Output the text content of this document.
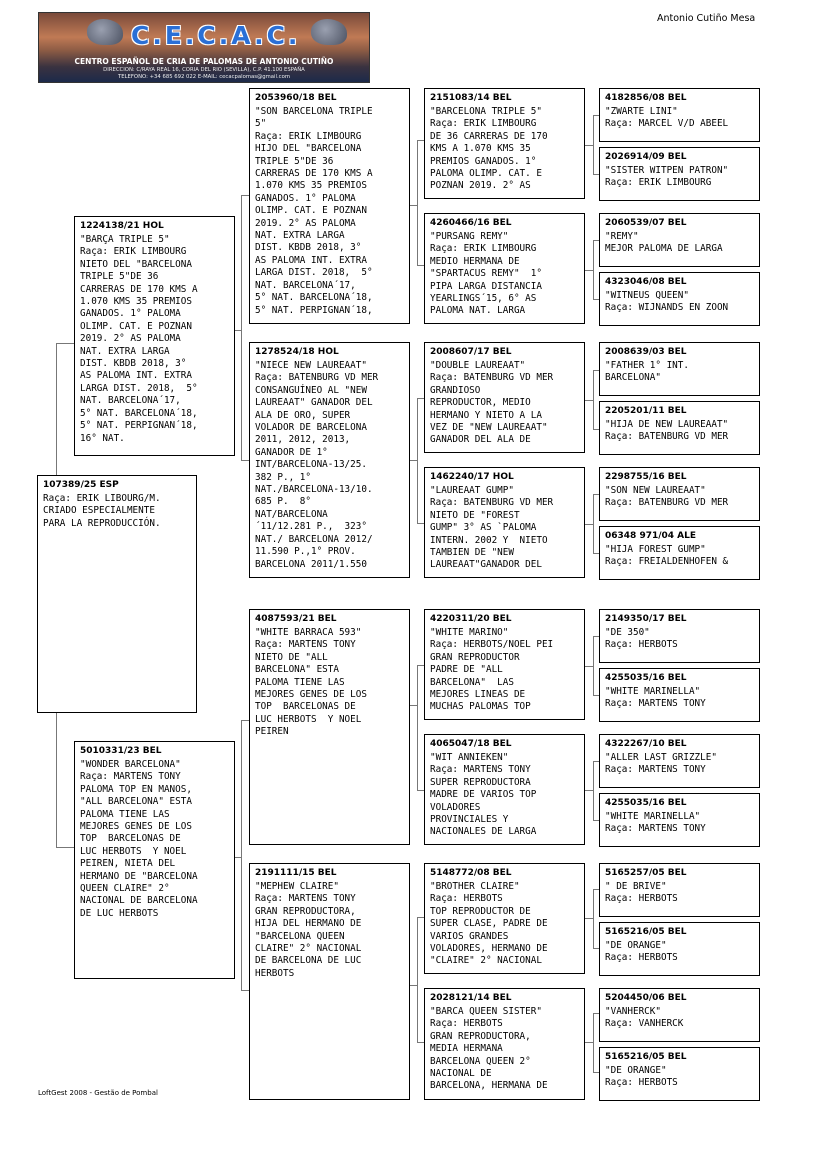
C.E.C.A.C.
CENTRO ESPAÑOL DE CRIA DE PALOMAS DE ANTONIO CUTIÑO
DIRECCION: C/RAYA REAL 16, CORIA DEL RIO (SEVILLA), C.P. 41.100 ESPAÑA
TELEFONO: +34 685 692 022 E-MAIL: cecacpalomas@gmail.com
Antonio Cutiño Mesa
107389/25 ESP
Raça: ERIK LIBOURG/M.
CRIADO ESPECIALMENTE
PARA LA REPRODUCCIÓN.
1224138/21 HOL
"BARÇA TRIPLE 5"
Raça: ERIK LIMBOURG
NIETO DEL "BARCELONA
TRIPLE 5"DE 36
CARRERAS DE 170 KMS A
1.070 KMS 35 PREMIOS
GANADOS. 1° PALOMA
OLIMP. CAT. E POZNAN
2019. 2° AS PALOMA
NAT. EXTRA LARGA
DIST. KBDB 2018, 3°
AS PALOMA INT. EXTRA
LARGA DIST. 2018,  5°
NAT. BARCELONA´17,
5° NAT. BARCELONA´18,
5° NAT. PERPIGNAN´18,
16° NAT.
5010331/23 BEL
"WONDER BARCELONA"
Raça: MARTENS TONY
PALOMA TOP EN MANOS,
"ALL BARCELONA" ESTA
PALOMA TIENE LAS
MEJORES GENES DE LOS
TOP  BARCELONAS DE
LUC HERBOTS  Y NOEL
PEIREN, NIETA DEL
HERMANO DE "BARCELONA
QUEEN CLAIRE" 2°
NACIONAL DE BARCELONA
DE LUC HERBOTS
2053960/18 BEL
"SON BARCELONA TRIPLE
5"
Raça: ERIK LIMBOURG
HIJO DEL "BARCELONA
TRIPLE 5"DE 36
CARRERAS DE 170 KMS A
1.070 KMS 35 PREMIOS
GANADOS. 1° PALOMA
OLIMP. CAT. E POZNAN
2019. 2° AS PALOMA
NAT. EXTRA LARGA
DIST. KBDB 2018, 3°
AS PALOMA INT. EXTRA
LARGA DIST. 2018,  5°
NAT. BARCELONA´17,
5° NAT. BARCELONA´18,
5° NAT. PERPIGNAN´18,
1278524/18 HOL
"NIECE NEW LAUREAAT"
Raça: BATENBURG VD MER
CONSANGUÍNEO AL "NEW
LAUREAAT" GANADOR DEL
ALA DE ORO, SUPER
VOLADOR DE BARCELONA
2011, 2012, 2013,
GANADOR DE 1°
INT/BARCELONA-13/25.
382 P., 1°
NAT./BARCELONA-13/10.
685 P.  8°
NAT/BARCELONA
´11/12.281 P.,  323°
NAT./ BARCELONA 2012/
11.590 P.,1° PROV.
BARCELONA 2011/1.550
4087593/21 BEL
"WHITE BARRACA 593"
Raça: MARTENS TONY
NIETO DE "ALL
BARCELONA" ESTA
PALOMA TIENE LAS
MEJORES GENES DE LOS
TOP  BARCELONAS DE
LUC HERBOTS  Y NOEL
PEIREN
2191111/15 BEL
"MEPHEW CLAIRE"
Raça: MARTENS TONY
GRAN REPRODUCTORA,
HIJA DEL HERMANO DE
"BARCELONA QUEEN
CLAIRE" 2° NACIONAL
DE BARCELONA DE LUC
HERBOTS
2151083/14 BEL
"BARCELONA TRIPLE 5"
Raça: ERIK LIMBOURG
DE 36 CARRERAS DE 170
KMS A 1.070 KMS 35
PREMIOS GANADOS. 1°
PALOMA OLIMP. CAT. E
POZNAN 2019. 2° AS
4260466/16 BEL
"PURSANG REMY"
Raça: ERIK LIMBOURG
MEDIO HERMANA DE
"SPARTACUS REMY"  1°
PIPA LARGA DISTANCIA
YEARLINGS´15, 6° AS
PALOMA NAT. LARGA
2008607/17 BEL
"DOUBLE LAUREAAT"
Raça: BATENBURG VD MER
GRANDIOSO
REPRODUCTOR, MEDIO
HERMANO Y NIETO A LA
VEZ DE "NEW LAUREAAT"
GANADOR DEL ALA DE
1462240/17 HOL
"LAUREAAT GUMP"
Raça: BATENBURG VD MER
NIETO DE "FOREST
GUMP" 3° AS `PALOMA
INTERN. 2002 Y  NIETO
TAMBIEN DE "NEW
LAUREAAT"GANADOR DEL
4220311/20 BEL
"WHITE MARINO"
Raça: HERBOTS/NOEL PEI
GRAN REPRODUCTOR
PADRE DE "ALL
BARCELONA"  LAS
MEJORES LINEAS DE
MUCHAS PALOMAS TOP
4065047/18 BEL
"WIT ANNIEKEN"
Raça: MARTENS TONY
SUPER REPRODUCTORA
MADRE DE VARIOS TOP
VOLADORES
PROVINCIALES Y
NACIONALES DE LARGA
5148772/08 BEL
"BROTHER CLAIRE"
Raça: HERBOTS
TOP REPRODUCTOR DE
SUPER CLASE, PADRE DE
VARIOS GRANDES
VOLADORES, HERMANO DE
"CLAIRE" 2° NACIONAL
2028121/14 BEL
"BARCA QUEEN SISTER"
Raça: HERBOTS
GRAN REPRODUCTORA,
MEDIA HERMANA
BARCELONA QUEEN 2°
NACIONAL DE
BARCELONA, HERMANA DE
4182856/08 BEL
"ZWARTE LINI"
Raça: MARCEL V/D ABEEL
2026914/09 BEL
"SISTER WITPEN PATRON"
Raça: ERIK LIMBOURG
2060539/07 BEL
"REMY"
MEJOR PALOMA DE LARGA
4323046/08 BEL
"WITNEUS QUEEN"
Raça: WIJNANDS EN ZOON
2008639/03 BEL
"FATHER 1° INT.
BARCELONA"
2205201/11 BEL
"HIJA DE NEW LAUREAAT"
Raça: BATENBURG VD MER
2298755/16 BEL
"SON NEW LAUREAAT"
Raça: BATENBURG VD MER
06348 971/04 ALE
"HIJA FOREST GUMP"
Raça: FREIALDENHOFEN &
2149350/17 BEL
"DE 350"
Raça: HERBOTS
4255035/16 BEL
"WHITE MARINELLA"
Raça: MARTENS TONY
4322267/10 BEL
"ALLER LAST GRIZZLE"
Raça: MARTENS TONY
4255035/16 BEL
"WHITE MARINELLA"
Raça: MARTENS TONY
5165257/05 BEL
" DE BRIVE"
Raça: HERBOTS
5165216/05 BEL
"DE ORANGE"
Raça: HERBOTS
5204450/06 BEL
"VANHERCK"
Raça: VANHERCK
5165216/05 BEL
"DE ORANGE"
Raça: HERBOTS
LoftGest 2008 - Gestão de Pombal
